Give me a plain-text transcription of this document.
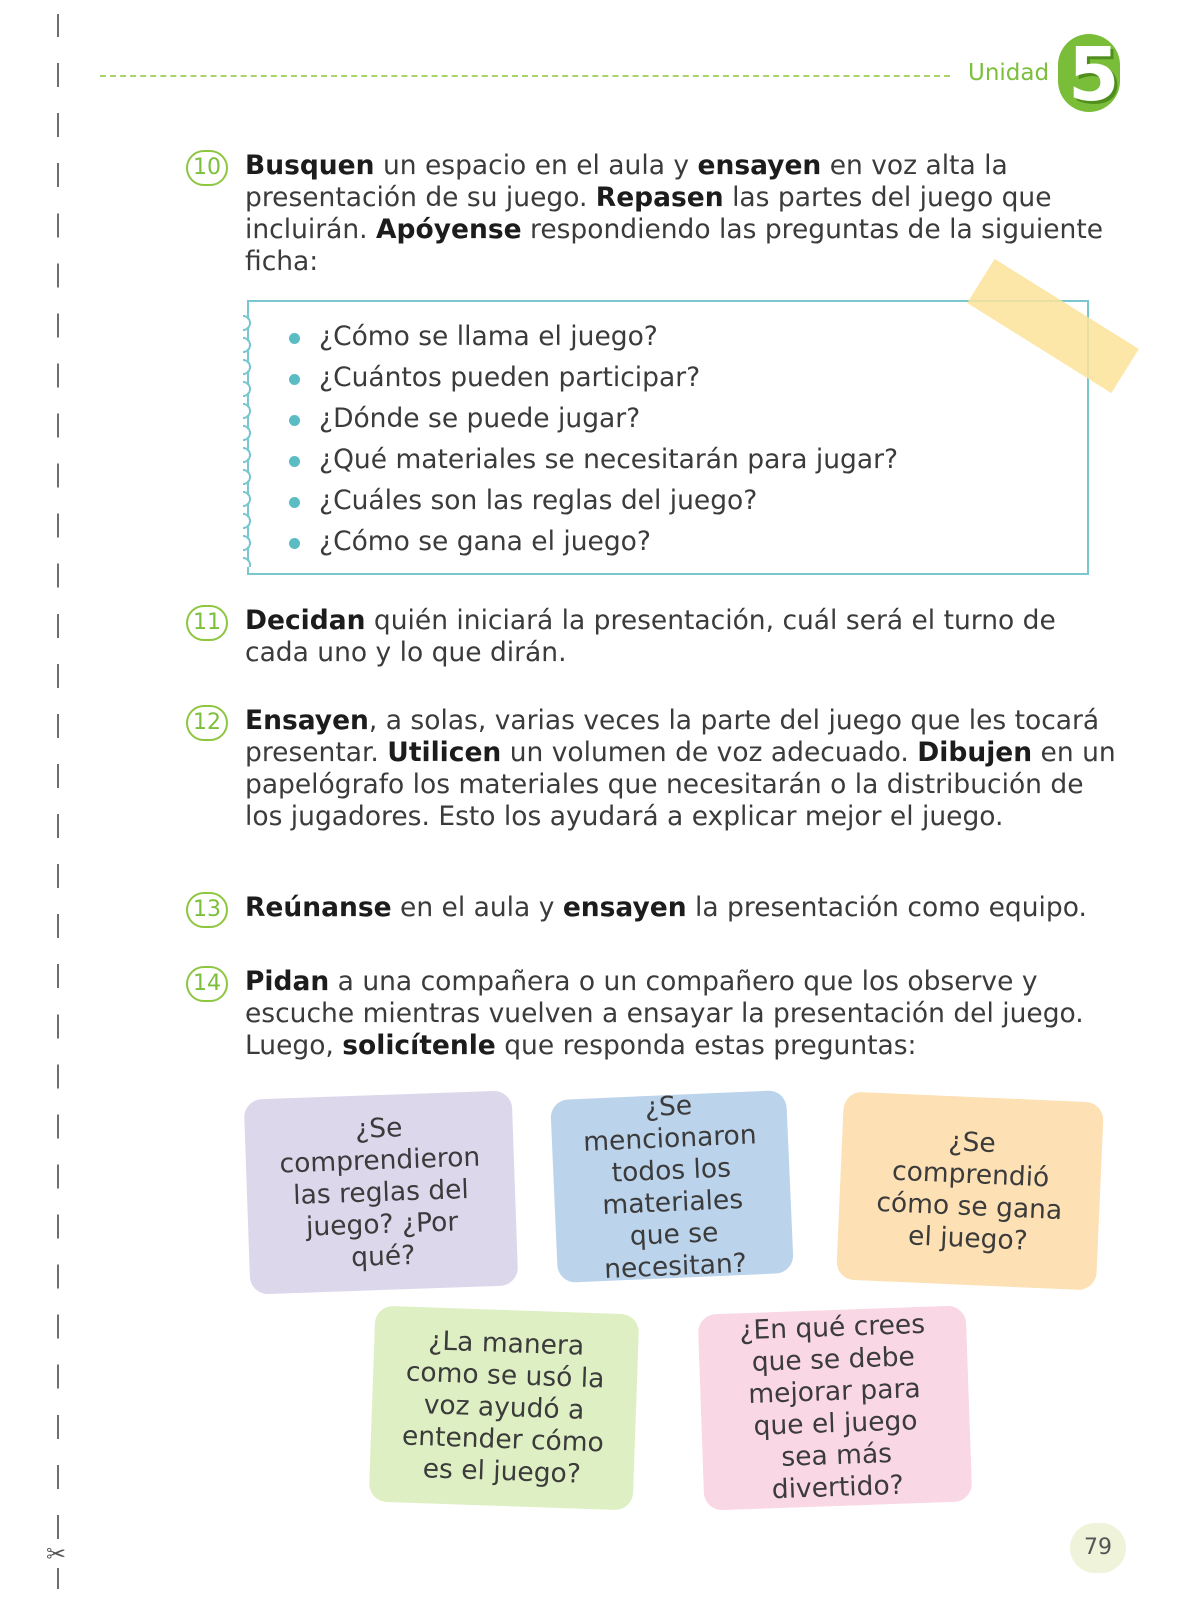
✂
Unidad 5
10 Busquen un espacio en el aula y ensayen en voz alta la presentación de su juego. Repasen las partes del juego que incluirán. Apóyense respondiendo las preguntas de la siguiente ficha:
¿Cómo se llama el juego?
¿Cuántos pueden participar?
¿Dónde se puede jugar?
¿Qué materiales se necesitarán para jugar?
¿Cuáles son las reglas del juego?
¿Cómo se gana el juego?
11 Decidan quién iniciará la presentación, cuál será el turno de cada uno y lo que dirán.
12 Ensayen, a solas, varias veces la parte del juego que les tocará presentar. Utilicen un volumen de voz adecuado. Dibujen en un papelógrafo los materiales que necesitarán o la distribución de los jugadores. Esto los ayudará a explicar mejor el juego.
13 Reúnanse en el aula y ensayen la presentación como equipo.
14 Pidan a una compañera o un compañero que los observe y escuche mientras vuelven a ensayar la presentación del juego. Luego, solicítenle que responda estas preguntas:
¿Se comprendieron las reglas del juego? ¿Por qué?
¿Se mencionaron todos los materiales que se necesitan?
¿Se comprendió cómo se gana el juego?
¿La manera como se usó la voz ayudó a entender cómo es el juego?
¿En qué crees que se debe mejorar para que el juego sea más divertido?
79
